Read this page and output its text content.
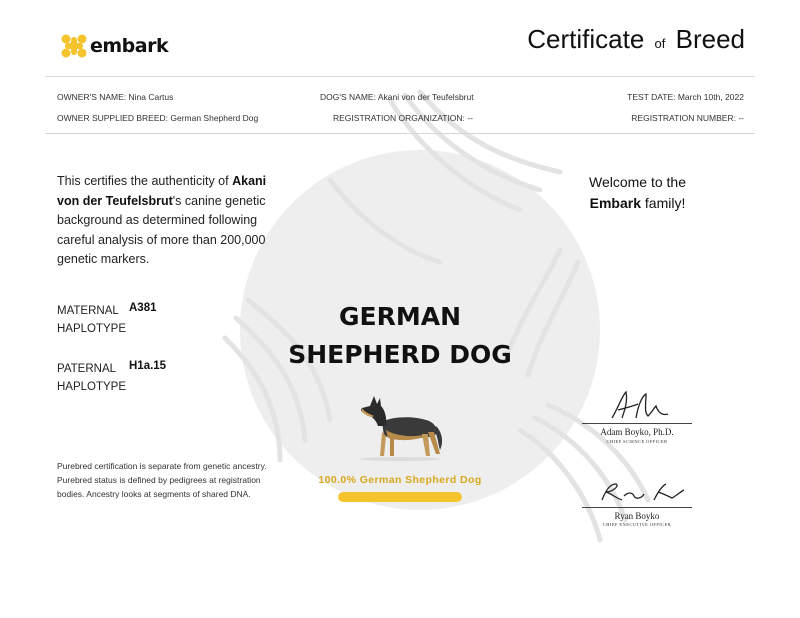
embark	Certificate of Breed
OWNER'S NAME: Nina Cartus	DOG'S NAME: Akani von der Teufelsbrut	TEST DATE: March 10th, 2022
OWNER SUPPLIED BREED: German Shepherd Dog	REGISTRATION ORGANIZATION: --	REGISTRATION NUMBER: --
This certifies the authenticity of Akani von der Teufelsbrut's canine genetic background as determined following careful analysis of more than 200,000 genetic markers.
MATERNAL
HAPLOTYPE
A381
PATERNAL
HAPLOTYPE
H1a.15
Purebred certification is separate from genetic ancestry. Purebred status is defined by pedigrees at registration bodies. Ancestry looks at segments of shared DNA.
GERMAN
SHEPHERD DOG
100.0% German Shepherd Dog
Welcome to the
Embark family!
Adam Boyko, Ph.D.
CHIEF SCIENCE OFFICER
Ryan Boyko
CHIEF EXECUTIVE OFFICER
